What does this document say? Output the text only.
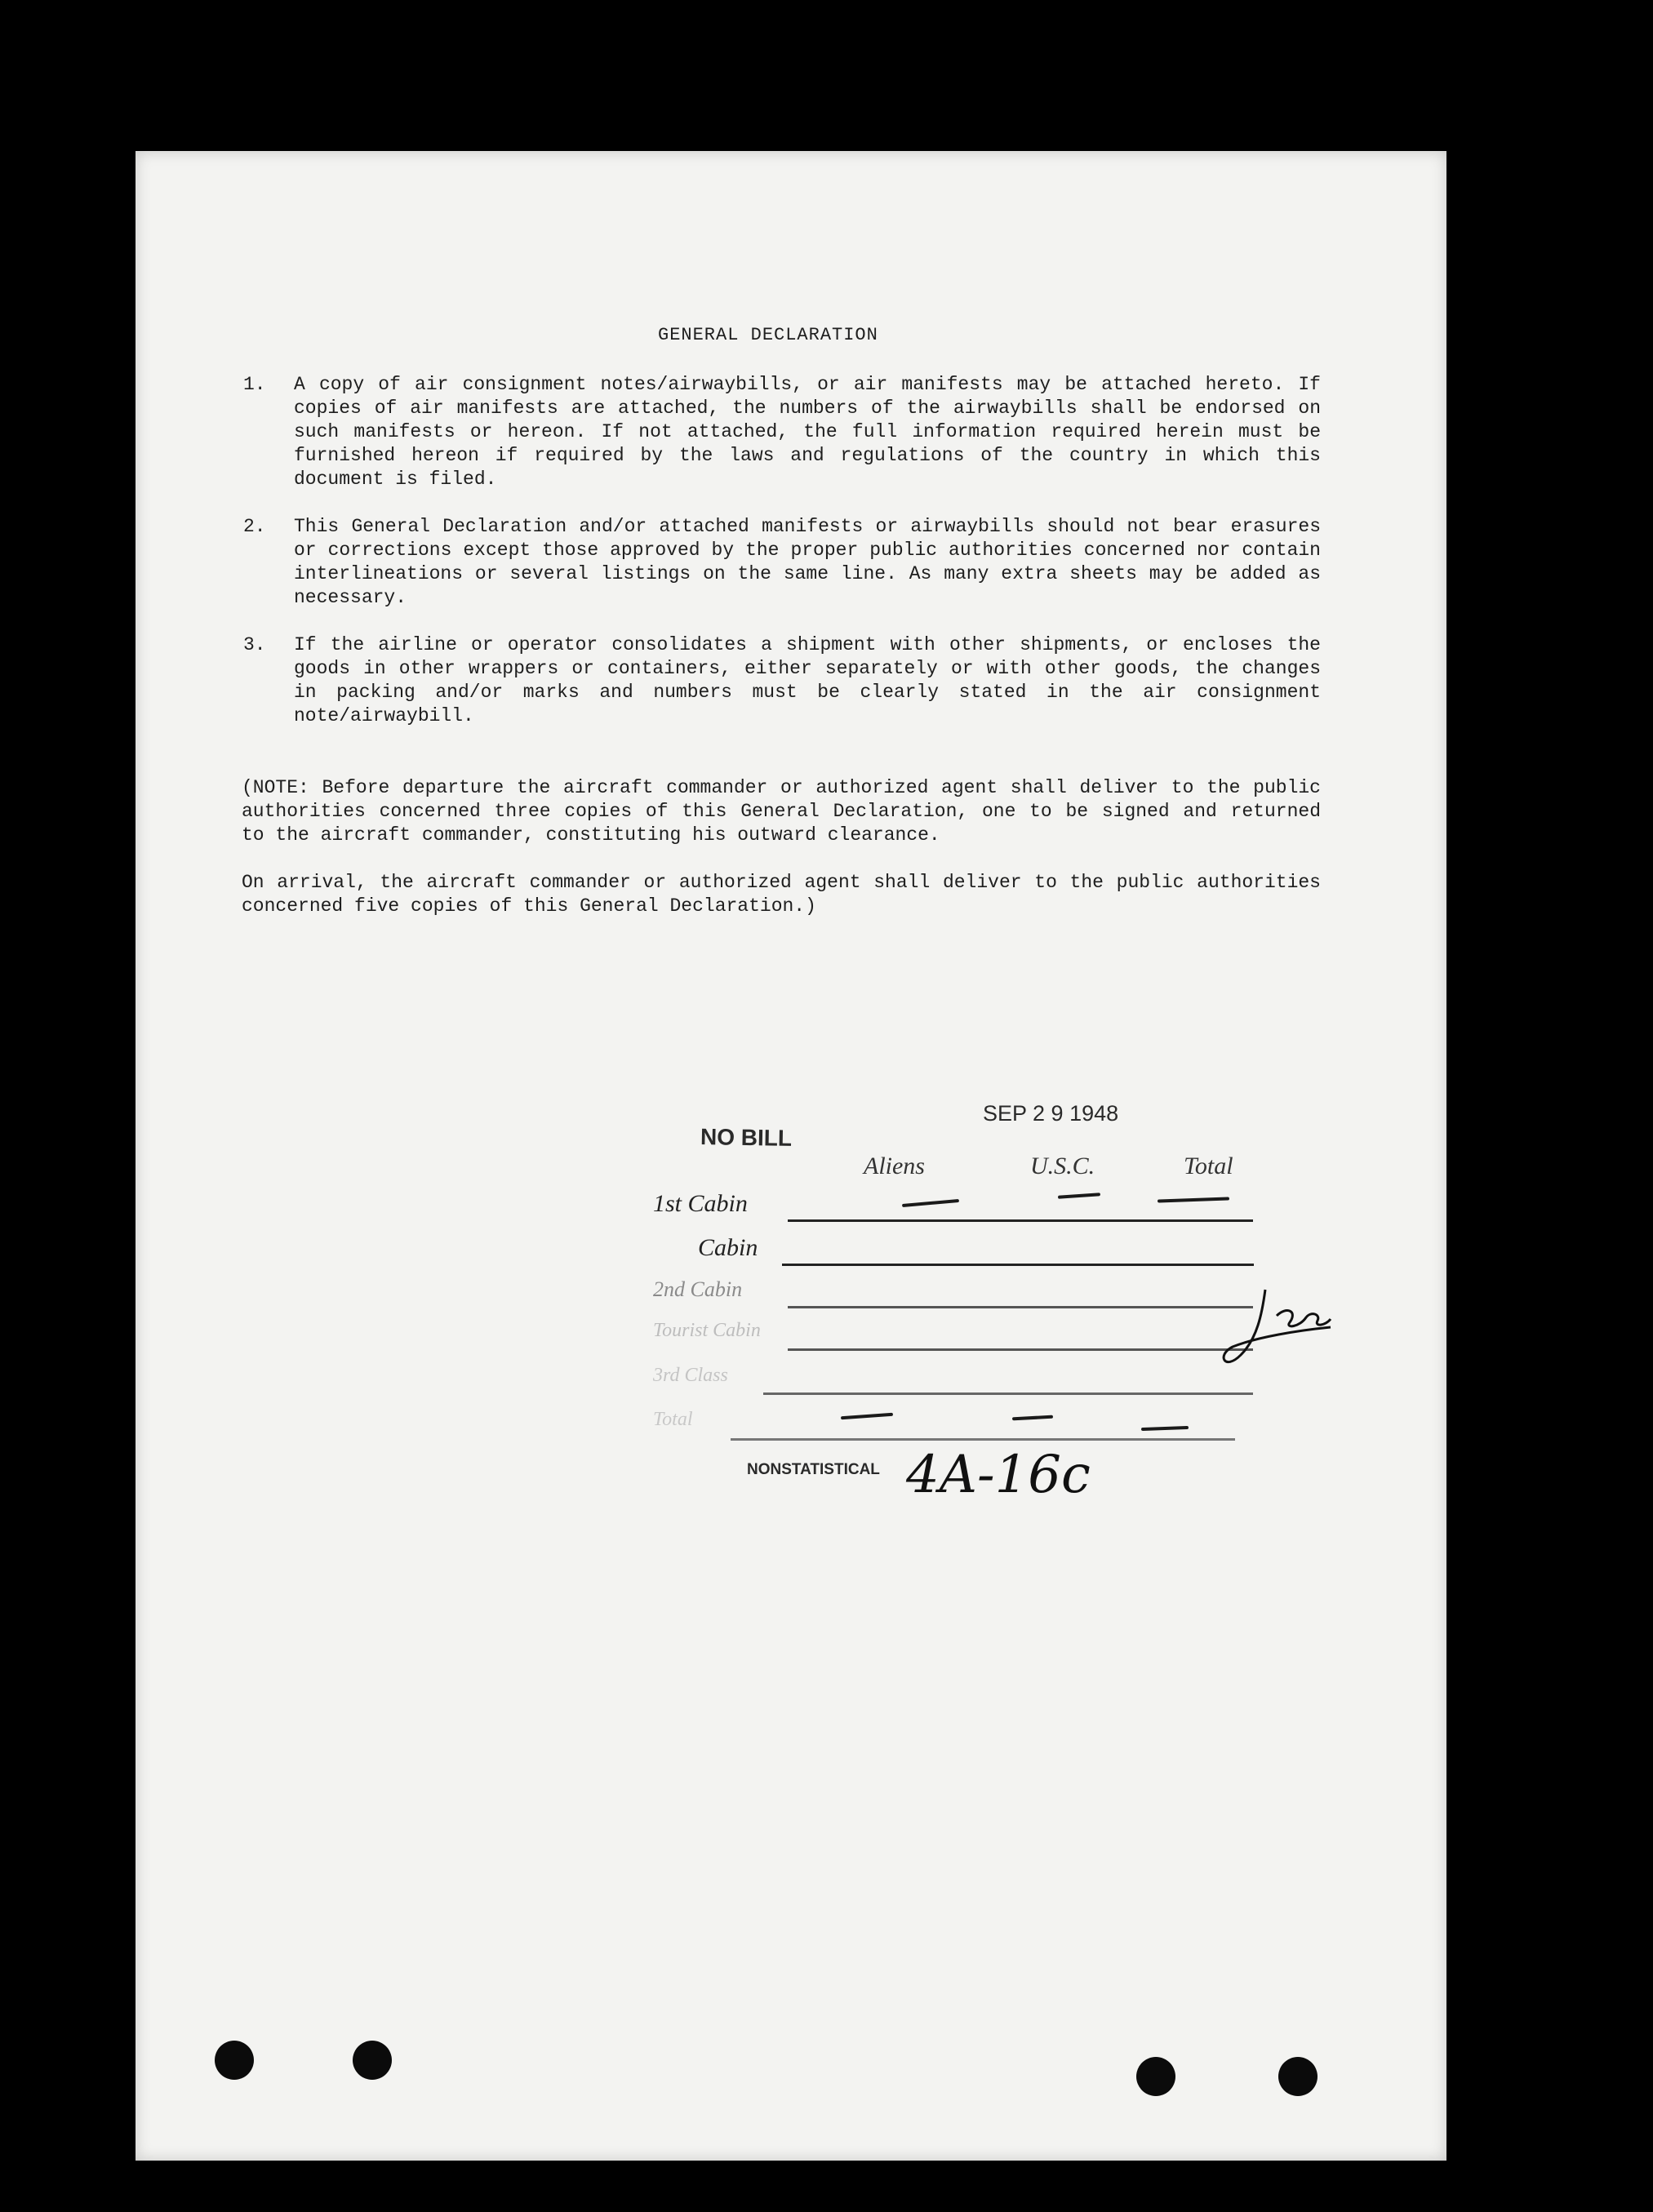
GENERAL DECLARATION
1. A copy of air consignment notes/airwaybills, or air manifests may be attached hereto. If copies of air manifests are attached, the numbers of the airwaybills shall be endorsed on such manifests or hereon. If not attached, the full information required herein must be furnished hereon if required by the laws and regulations of the country in which this document is filed.
2. This General Declaration and/or attached manifests or airwaybills should not bear erasures or corrections except those approved by the proper public authorities concerned nor contain interlineations or several listings on the same line. As many extra sheets may be added as necessary.
3. If the airline or operator consolidates a shipment with other shipments, or encloses the goods in other wrappers or containers, either separately or with other goods, the changes in packing and/or marks and numbers must be clearly stated in the air consignment note/airwaybill.
(NOTE: Before departure the aircraft commander or authorized agent shall deliver to the public authorities concerned three copies of this General Declaration, one to be signed and returned to the aircraft commander, constituting his outward clearance.
On arrival, the aircraft commander or authorized agent shall deliver to the public authorities concerned five copies of this General Declaration.)
NO BILL
SEP 2 9 1948
Aliens	U.S.C.	Total
1st Cabin
Cabin
2nd Cabin
Tourist Cabin
3rd Class
Total
NONSTATISTICAL 4A-16c
